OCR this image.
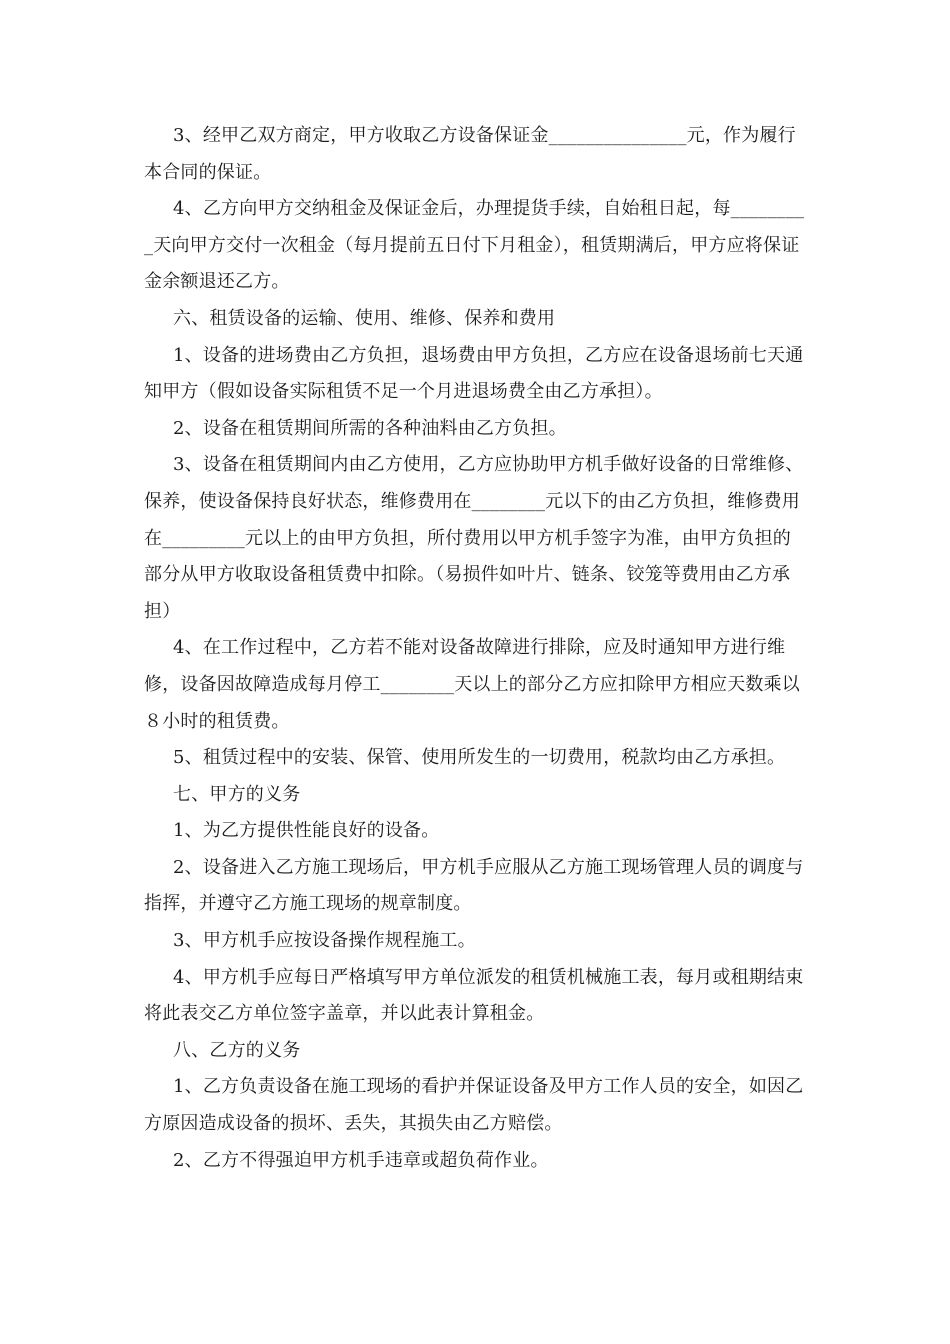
3、经甲乙双方商定，甲方收取乙方设备保证金_______________元，作为履行本合同的保证。

4、乙方向甲方交纳租金及保证金后，办理提货手续，自始租日起，每_________天向甲方交付一次租金（每月提前五日付下月租金），租赁期满后，甲方应将保证金余额退还乙方。

六、租赁设备的运输、使用、维修、保养和费用

1、设备的进场费由乙方负担，退场费由甲方负担，乙方应在设备退场前七天通知甲方（假如设备实际租赁不足一个月进退场费全由乙方承担）。

2、设备在租赁期间所需的各种油料由乙方负担。

3、设备在租赁期间内由乙方使用，乙方应协助甲方机手做好设备的日常维修、保养，使设备保持良好状态，维修费用在________元以下的由乙方负担，维修费用在_________元以上的由甲方负担，所付费用以甲方机手签字为准，由甲方负担的部分从甲方收取设备租赁费中扣除。（易损件如叶片、链条、铰笼等费用由乙方承担）

4、在工作过程中，乙方若不能对设备故障进行排除，应及时通知甲方进行维修，设备因故障造成每月停工________天以上的部分乙方应扣除甲方相应天数乘以８小时的租赁费。

5、租赁过程中的安装、保管、使用所发生的一切费用，税款均由乙方承担。

七、甲方的义务

1、为乙方提供性能良好的设备。

2、设备进入乙方施工现场后，甲方机手应服从乙方施工现场管理人员的调度与指挥，并遵守乙方施工现场的规章制度。

3、甲方机手应按设备操作规程施工。

4、甲方机手应每日严格填写甲方单位派发的租赁机械施工表，每月或租期结束将此表交乙方单位签字盖章，并以此表计算租金。

八、乙方的义务

1、乙方负责设备在施工现场的看护并保证设备及甲方工作人员的安全，如因乙方原因造成设备的损坏、丢失，其损失由乙方赔偿。

2、乙方不得强迫甲方机手违章或超负荷作业。
